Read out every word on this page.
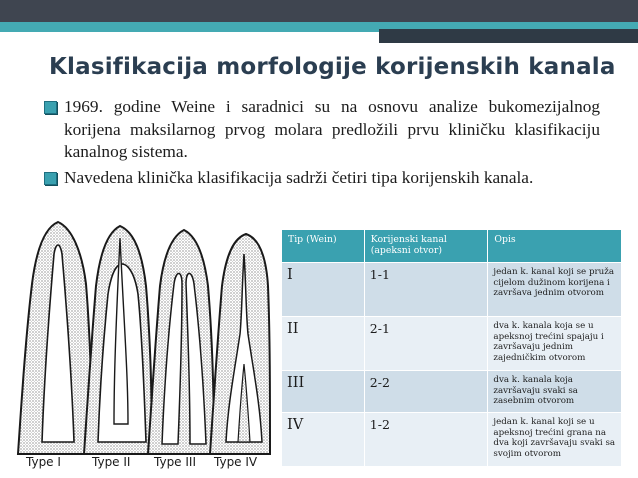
Klasifikacija morfologije korijenskih kanala
1969. godine Weine i saradnici su na osnovu analize bukomezijalnog korijena maksilarnog prvog molara predložili prvu kliničku klasifikaciju kanalnog sistema.
Navedena klinička klasifikacija sadrži četiri tipa korijenskih kanala.
Type I	Type II Type III Type IV
Tip (Wein)	Korijenski kanal (apeksni otvor)	Opis
I	1-1	jedan k. kanal koji se pruža cijelom dužinom korijena i završava jednim otvorom
II	2-1	dva k. kanala koja se u apeksnoj trećini spajaju i završavaju jednim zajedničkim otvorom
III	2-2	dva k. kanala koja završavaju svaki sa zasebnim otvorom
IV	1-2	jedan k. kanal koji se u apeksnoj trećini grana na dva koji završavaju svaki sa svojim otvorom
